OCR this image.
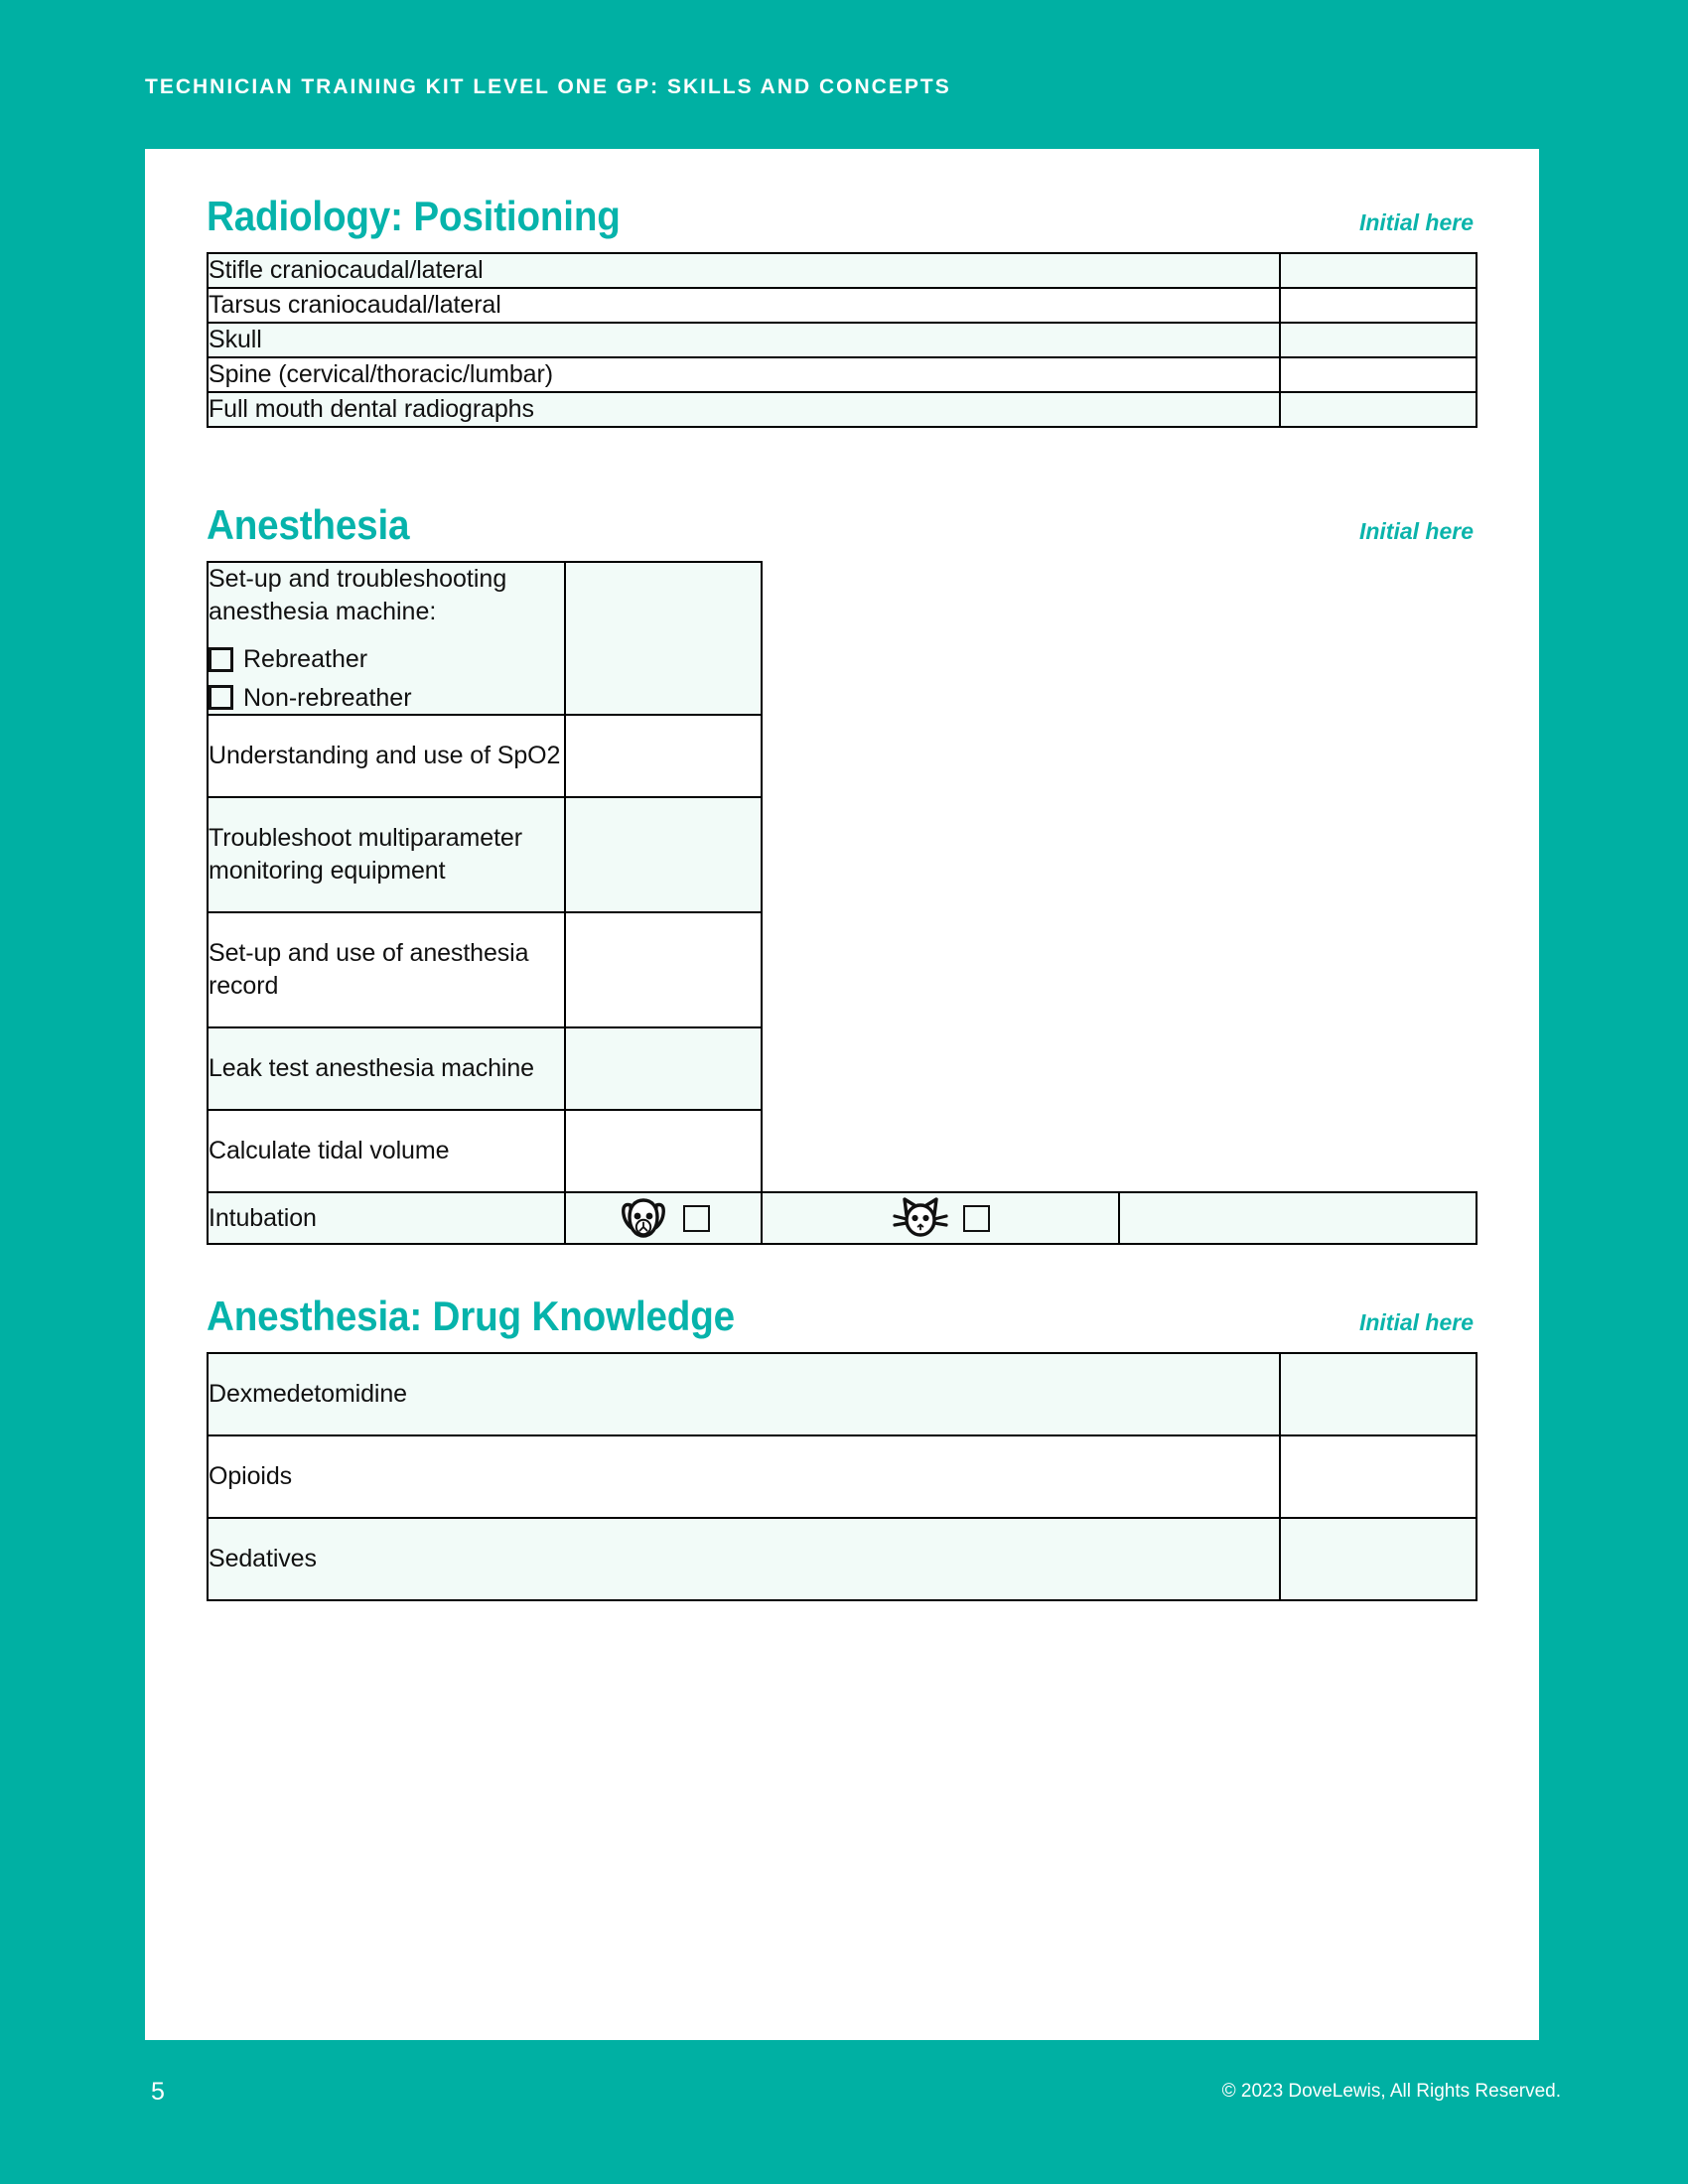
TECHNICIAN TRAINING KIT LEVEL ONE GP: SKILLS AND CONCEPTS
Radiology: Positioning	Initial here
Stifle craniocaudal/lateral	
Tarsus craniocaudal/lateral	
Skull	
Spine (cervical/thoracic/lumbar)	
Full mouth dental radiographs	
Anesthesia	Initial here
Set-up and troubleshooting anesthesia machine:
Rebreather
Non-rebreather			

Understanding and use of SpO2			
Troubleshoot multiparameter monitoring equipment			
Set-up and use of anesthesia record			
Leak test anesthesia machine			
Calculate tidal volume			
Intubation	

Anesthesia: Drug Knowledge	Initial here
Dexmedetomidine	
Opioids	
Sedatives	
5	© 2023 DoveLewis, All Rights Reserved.
